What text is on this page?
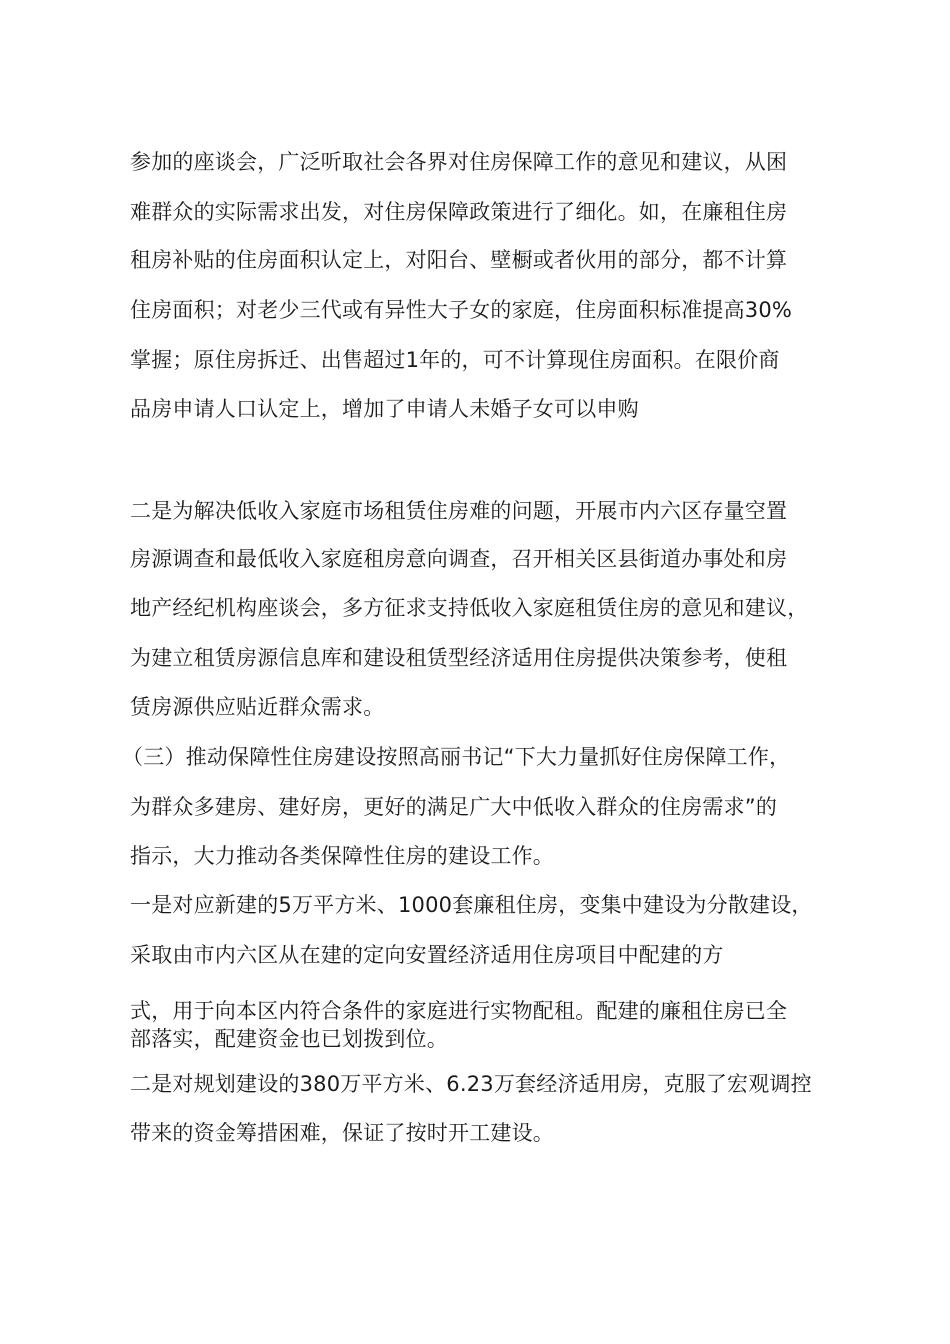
参加的座谈会，广泛听取社会各界对住房保障工作的意见和建议，从困
难群众的实际需求出发，对住房保障政策进行了细化。如，在廉租住房
租房补贴的住房面积认定上，对阳台、壁橱或者伙用的部分，都不计算
住房面积；对老少三代或有异性大子女的家庭，住房面积标准提高30%
掌握；原住房拆迁、出售超过1年的，可不计算现住房面积。在限价商
品房申请人口认定上，增加了申请人未婚子女可以申购
二是为解决低收入家庭市场租赁住房难的问题，开展市内六区存量空置
房源调查和最低收入家庭租房意向调查，召开相关区县街道办事处和房
地产经纪机构座谈会，多方征求支持低收入家庭租赁住房的意见和建议，
为建立租赁房源信息库和建设租赁型经济适用住房提供决策参考，使租
赁房源供应贴近群众需求。
（三）推动保障性住房建设按照高丽书记“下大力量抓好住房保障工作，
为群众多建房、建好房，更好的满足广大中低收入群众的住房需求”的
指示，大力推动各类保障性住房的建设工作。
一是对应新建的5万平方米、1000套廉租住房，变集中建设为分散建设，
采取由市内六区从在建的定向安置经济适用住房项目中配建的方
式，用于向本区内符合条件的家庭进行实物配租。配建的廉租住房已全
部落实，配建资金也已划拨到位。
二是对规划建设的380万平方米、6.23万套经济适用房，克服了宏观调控
带来的资金筹措困难，保证了按时开工建设。
